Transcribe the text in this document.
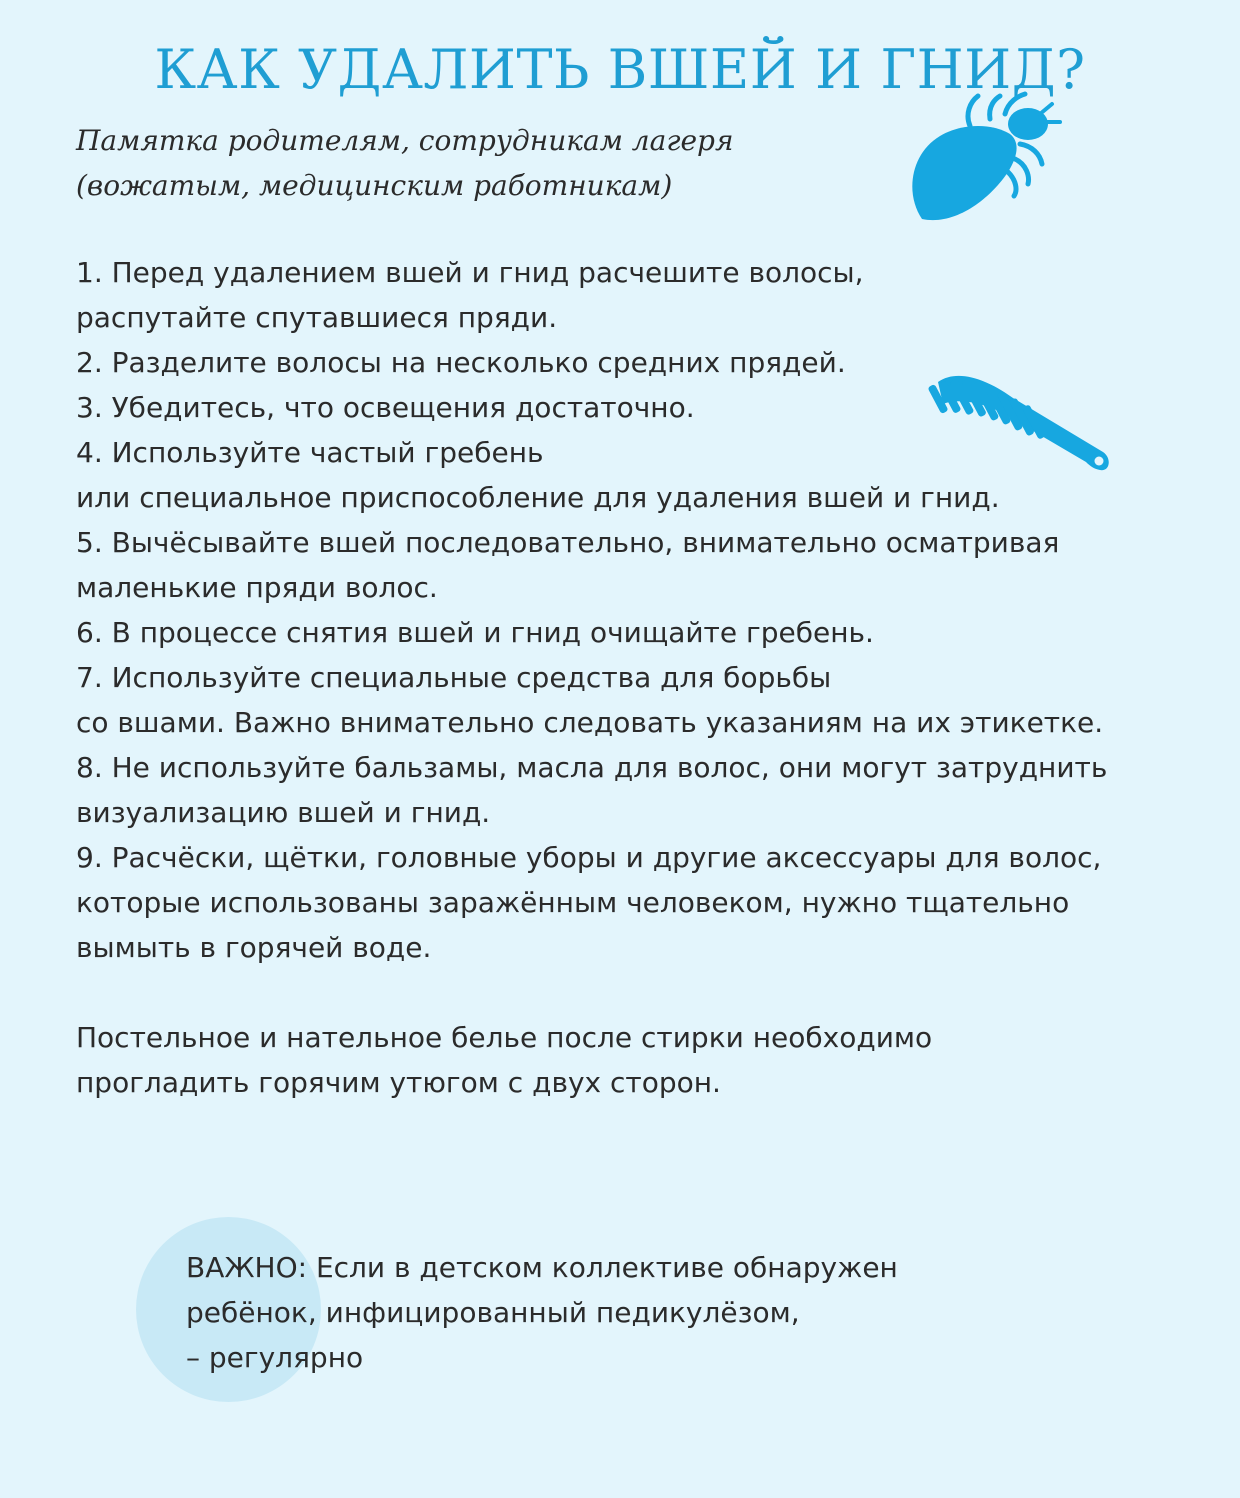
КАК УДАЛИТЬ ВШЕЙ И ГНИД?
Памятка родителям, сотрудникам лагеря
(вожатым, медицинским работникам)
1. Перед удалением вшей и гнид расчешите волосы,
распутайте спутавшиеся пряди.
2. Разделите волосы на несколько средних прядей.
3. Убедитесь, что освещения достаточно.
4. Используйте частый гребень
или специальное приспособление для удаления вшей и гнид.
5. Вычёсывайте вшей последовательно, внимательно осматривая
маленькие пряди волос.
6. В процессе снятия вшей и гнид очищайте гребень.
7. Используйте специальные средства для борьбы
со вшами. Важно внимательно следовать указаниям на их этикетке.
8. Не используйте бальзамы, масла для волос, они могут затруднить
визуализацию вшей и гнид.
9. Расчёски, щётки, головные уборы и другие аксессуары для волос,
которые использованы заражённым человеком, нужно тщательно
вымыть в горячей воде.
Постельное и нательное белье после стирки необходимо
прогладить горячим утюгом с двух сторон.
ВАЖНО: Если в детском коллективе обнаружен
ребёнок, инфицированный педикулёзом,
– регулярно
